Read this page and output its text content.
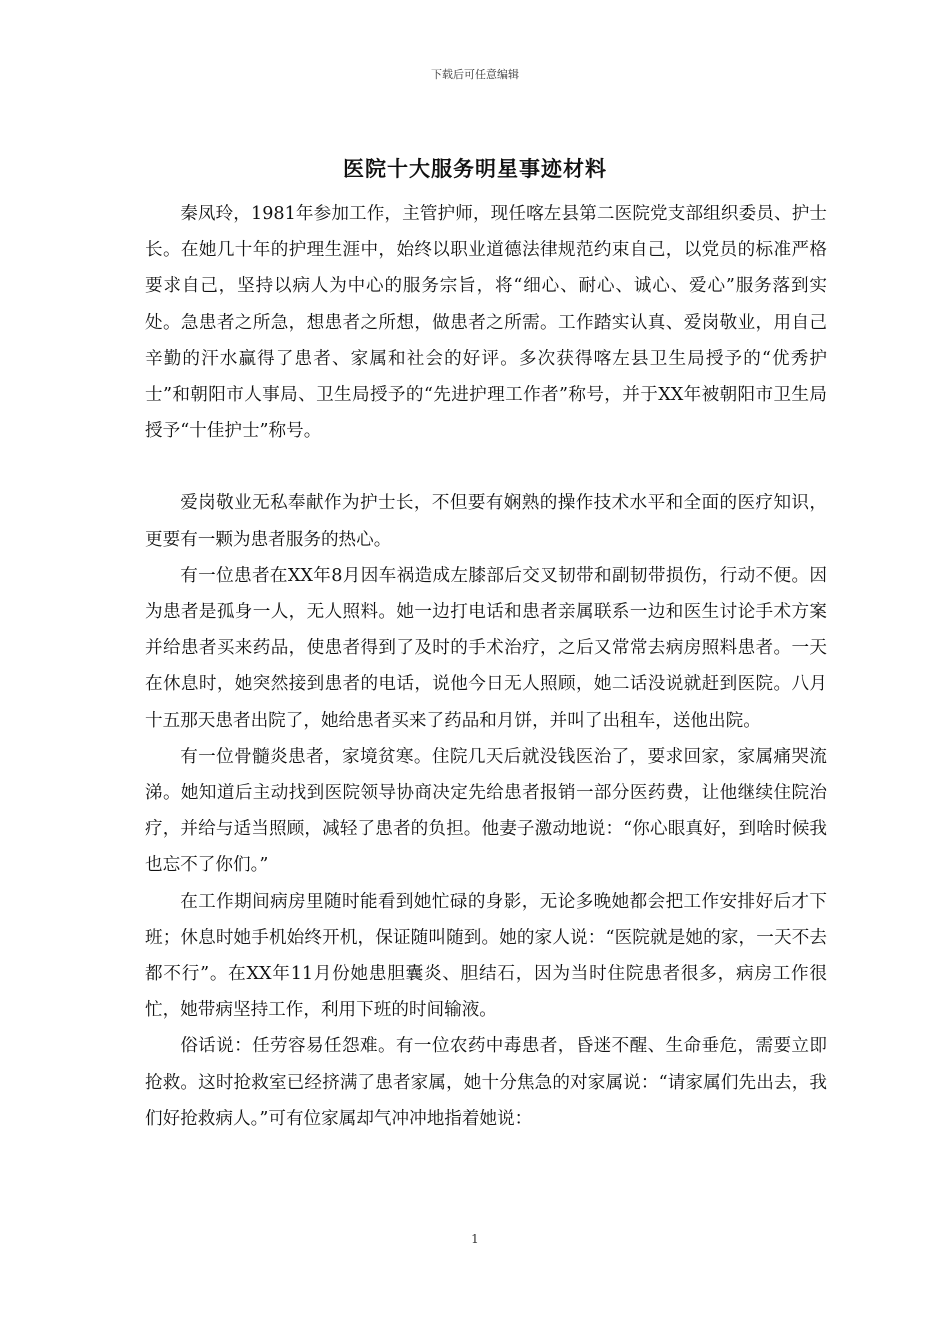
下载后可任意编辑
医院十大服务明星事迹材料

秦凤玲，1981年参加工作，主管护师，现任喀左县第二医院党支部组织委员、护士长。在她几十年的护理生涯中，始终以职业道德法律规范约束自己，以党员的标准严格要求自己，坚持以病人为中心的服务宗旨，将“细心、耐心、诚心、爱心”服务落到实处。急患者之所急，想患者之所想，做患者之所需。工作踏实认真、爱岗敬业，用自己辛勤的汗水赢得了患者、家属和社会的好评。多次获得喀左县卫生局授予的“优秀护士”和朝阳市人事局、卫生局授予的“先进护理工作者”称号，并于XX年被朝阳市卫生局授予“十佳护士”称号。

爱岗敬业无私奉献作为护士长，不但要有娴熟的操作技术水平和全面的医疗知识，更要有一颗为患者服务的热心。

有一位患者在XX年8月因车祸造成左膝部后交叉韧带和副韧带损伤，行动不便。因为患者是孤身一人，无人照料。她一边打电话和患者亲属联系一边和医生讨论手术方案并给患者买来药品，使患者得到了及时的手术治疗，之后又常常去病房照料患者。一天在休息时，她突然接到患者的电话，说他今日无人照顾，她二话没说就赶到医院。八月十五那天患者出院了，她给患者买来了药品和月饼，并叫了出租车，送他出院。

有一位骨髓炎患者，家境贫寒。住院几天后就没钱医治了，要求回家，家属痛哭流涕。她知道后主动找到医院领导协商决定先给患者报销一部分医药费，让他继续住院治疗，并给与适当照顾，减轻了患者的负担。他妻子激动地说：“你心眼真好，到啥时候我也忘不了你们。”

在工作期间病房里随时能看到她忙碌的身影，无论多晚她都会把工作安排好后才下班；休息时她手机始终开机，保证随叫随到。她的家人说：“医院就是她的家，一天不去都不行”。在XX年11月份她患胆囊炎、胆结石，因为当时住院患者很多，病房工作很忙，她带病坚持工作，利用下班的时间输液。

俗话说：任劳容易任怨难。有一位农药中毒患者，昏迷不醒、生命垂危，需要立即抢救。这时抢救室已经挤满了患者家属，她十分焦急的对家属说：“请家属们先出去，我们好抢救病人。”可有位家属却气冲冲地指着她说：

1
